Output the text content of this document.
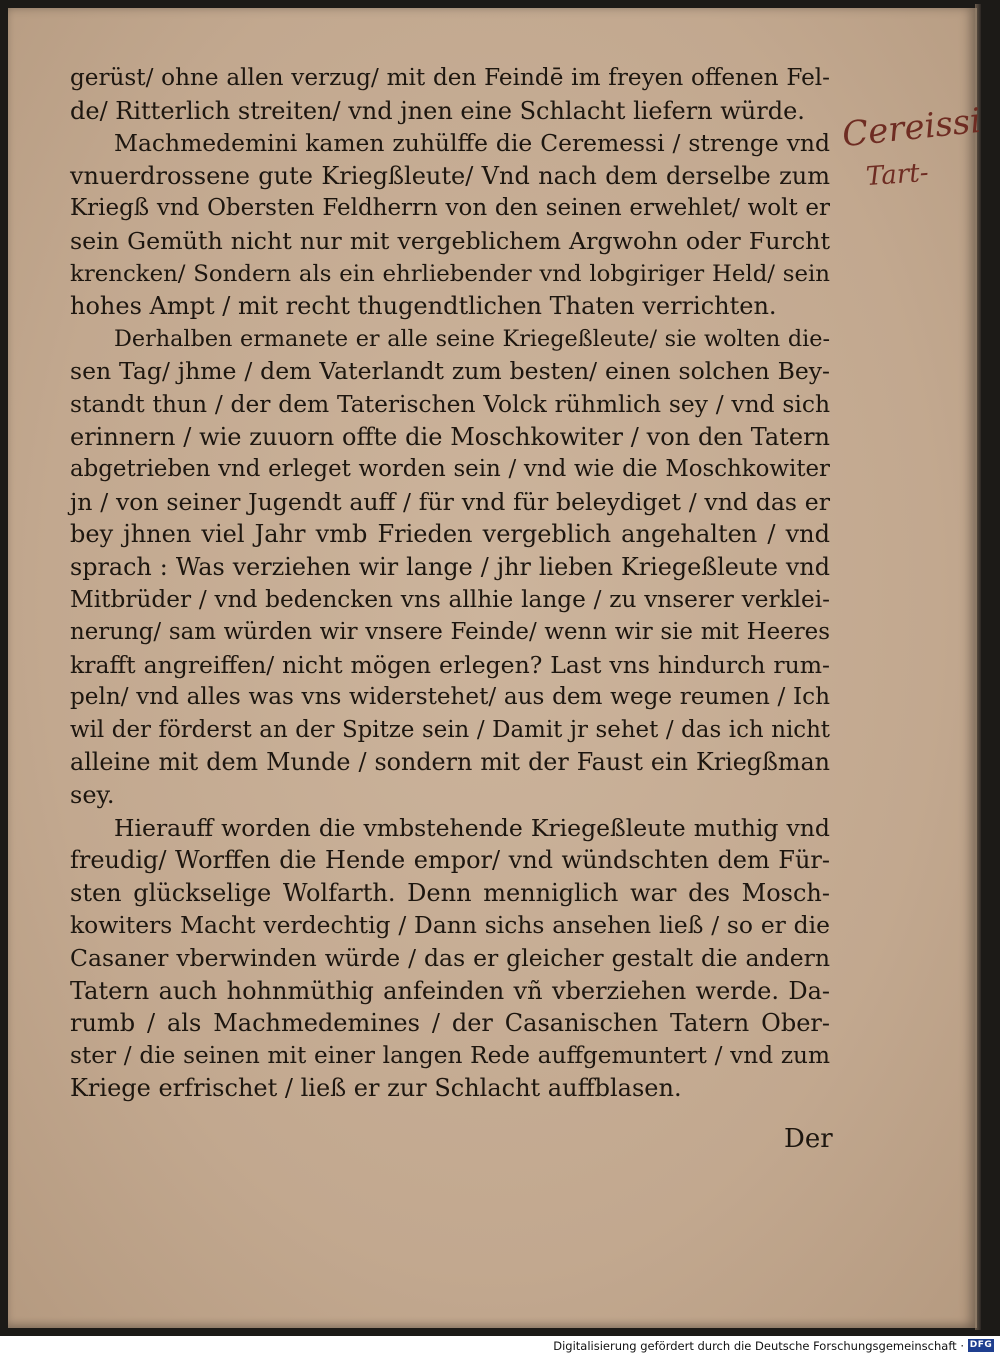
gerüst/ ohne allen verzug/ mit den Feindē im freyen offenen Fel-
de/ Ritterlich streiten/ vnd jnen eine Schlacht liefern würde.

Machmedemini kamen zuhülffe die Ceremessi / strenge vnd
vnuerdrossene gute Kriegßleute/ Vnd nach dem derselbe zum
Kriegß vnd Obersten Feldherrn von den seinen erwehlet/ wolt er
sein Gemüth nicht nur mit vergeblichem Argwohn oder Furcht
krencken/ Sondern als ein ehrliebender vnd lobgiriger Held/ sein
hohes Ampt / mit recht thugendtlichen Thaten verrichten.

Derhalben ermanete er alle seine Kriegeßleute/ sie wolten die-
sen Tag/ jhme / dem Vaterlandt zum besten/ einen solchen Bey-
standt thun / der dem Taterischen Volck rühmlich sey / vnd sich
erinnern / wie zuuorn offte die Moschkowiter / von den Tatern
abgetrieben vnd erleget worden sein / vnd wie die Moschkowiter
jn / von seiner Jugendt auff / für vnd für beleydiget / vnd das er
bey jhnen viel Jahr vmb Frieden vergeblich angehalten / vnd
sprach : Was verziehen wir lange / jhr lieben Kriegeßleute vnd
Mitbrüder / vnd bedencken vns allhie lange / zu vnserer verklei-
nerung/ sam würden wir vnsere Feinde/ wenn wir sie mit Heeres
krafft angreiffen/ nicht mögen erlegen? Last vns hindurch rum-
peln/ vnd alles was vns widerstehet/ aus dem wege reumen / Ich
wil der förderst an der Spitze sein / Damit jr sehet / das ich nicht
alleine mit dem Munde / sondern mit der Faust ein Kriegßman
sey.

Hierauff worden die vmbstehende Kriegeßleute muthig vnd
freudig/ Worffen die Hende empor/ vnd wündschten dem Für-
sten glückselige Wolfarth. Denn menniglich war des Mosch-
kowiters Macht verdechtig / Dann sichs ansehen ließ / so er die
Casaner vberwinden würde / das er gleicher gestalt die andern
Tatern auch hohnmüthig anfeinden vñ vberziehen werde. Da-
rumb / als Machmedemines / der Casanischen Tatern Ober-
ster / die seinen mit einer langen Rede auffgemuntert / vnd zum
Kriege erfrischet / ließ er zur Schlacht auffblasen.

Der
Cereissi
Tart-
Digitalisierung gefördert durch die Deutsche Forschungsgemeinschaft · DFG
